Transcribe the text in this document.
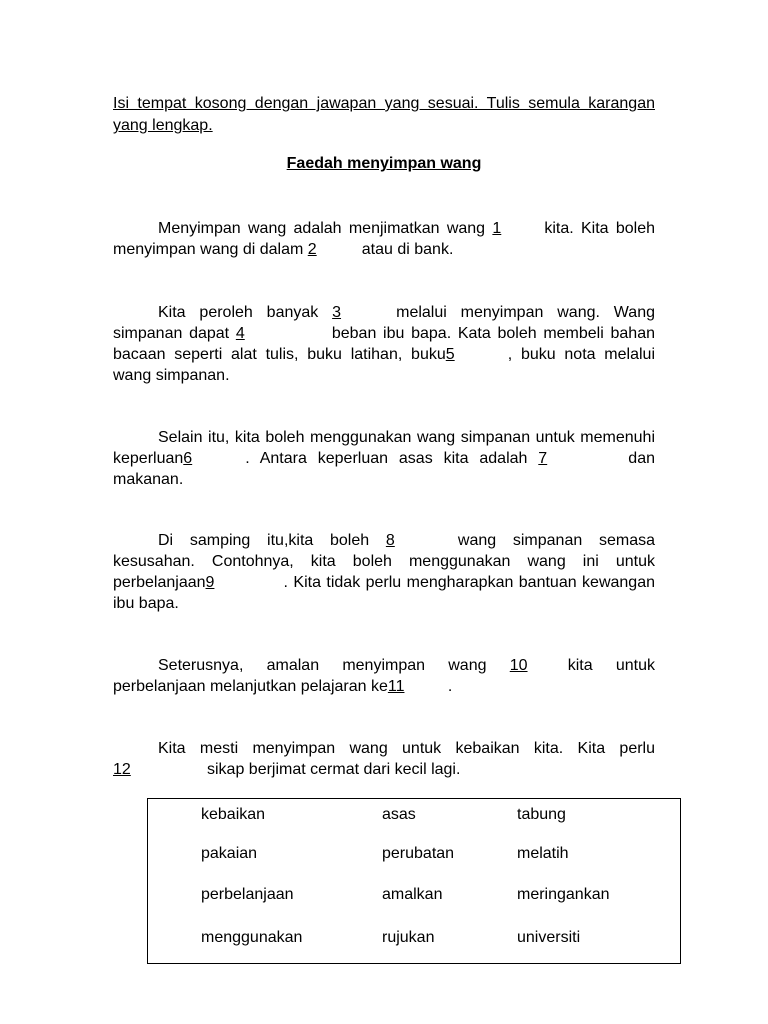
Isi tempat kosong dengan jawapan yang sesuai. Tulis semula karangan yang lengkap.
Faedah menyimpan wang
Menyimpan wang adalah menjimatkan wang 1	kita. Kita boleh menyimpan wang di dalam 2	atau di bank.
Kita peroleh banyak 3	melalui menyimpan wang. Wang simpanan dapat 4	beban ibu bapa. Kata boleh membeli bahan bacaan seperti alat tulis, buku latihan, buku5	, buku nota melalui wang simpanan.
Selain itu, kita boleh menggunakan wang simpanan untuk memenuhi keperluan6	. Antara keperluan asas kita adalah 7	dan makanan.
Di samping itu,kita boleh 8	wang simpanan semasa kesusahan. Contohnya, kita boleh menggunakan wang ini untuk perbelanjaan9	. Kita tidak perlu mengharapkan bantuan kewangan ibu bapa.
Seterusnya, amalan menyimpan wang 10	kita untuk perbelanjaan melanjutkan pelajaran ke11	.
Kita mesti menyimpan wang untuk kebaikan kita. Kita perlu 12	sikap berjimat cermat dari kecil lagi.
kebaikan	asas	tabung
pakaian	perubatan	melatih
perbelanjaan	amalkan	meringankan
menggunakan	rujukan	universiti
